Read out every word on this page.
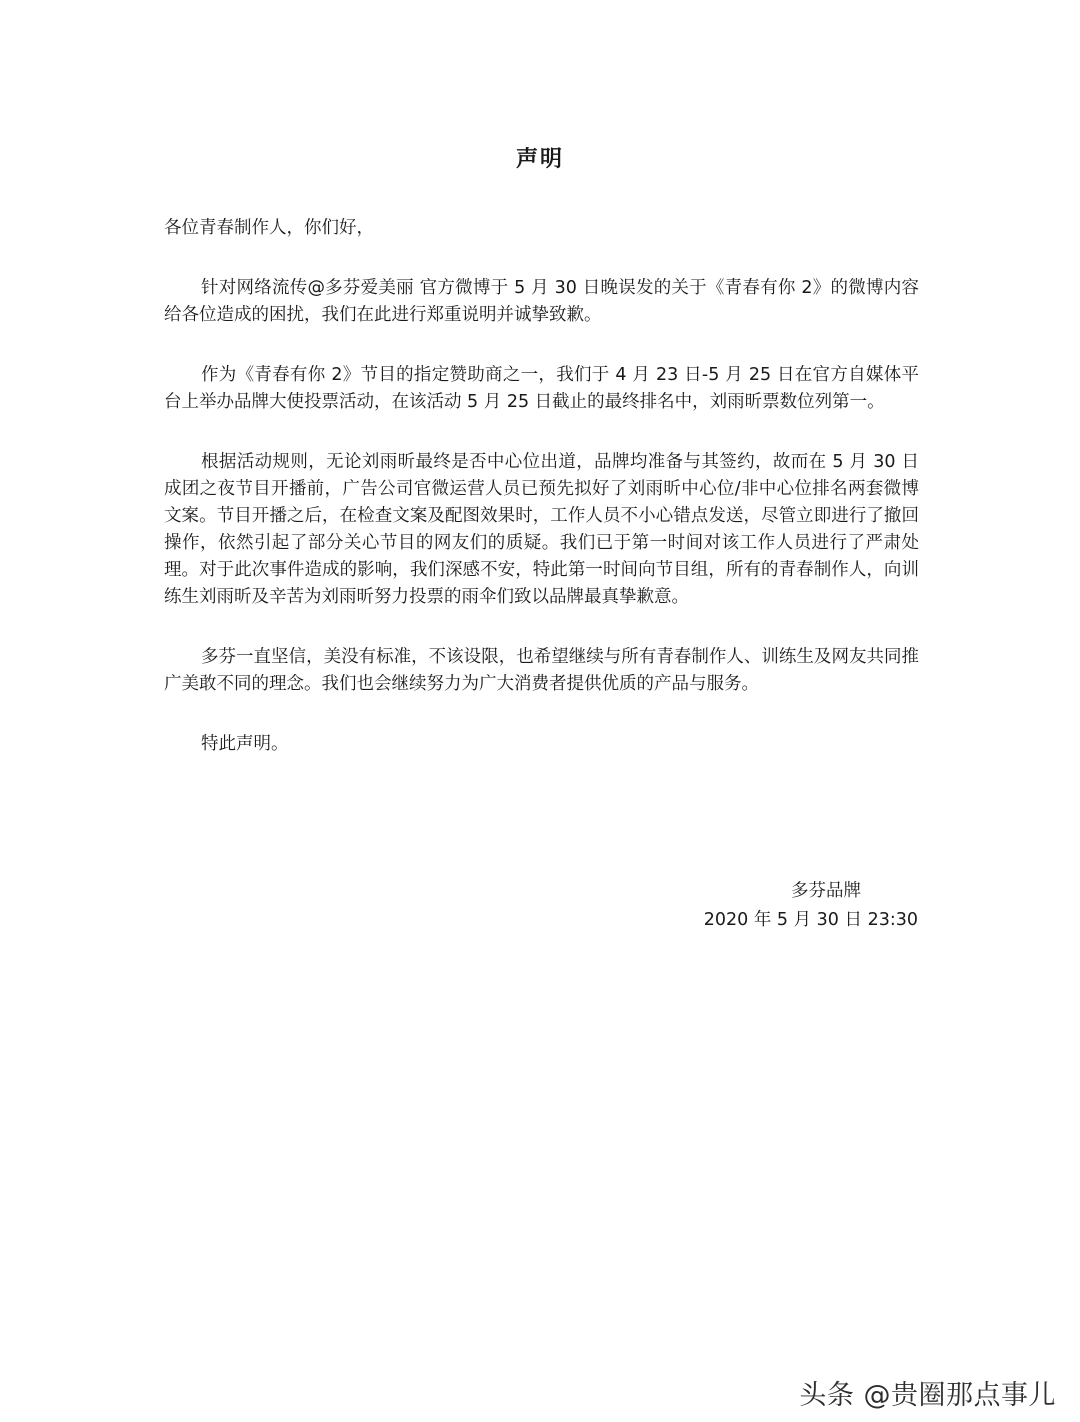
声明

各位青春制作人，你们好，

针对网络流传@多芬爱美丽 官方微博于 5 月 30 日晚误发的关于《青春有你 2》的微博内容给各位造成的困扰，我们在此进行郑重说明并诚挚致歉。

作为《青春有你 2》节目的指定赞助商之一，我们于 4 月 23 日-5 月 25 日在官方自媒体平台上举办品牌大使投票活动，在该活动 5 月 25 日截止的最终排名中，刘雨昕票数位列第一。

根据活动规则，无论刘雨昕最终是否中心位出道，品牌均准备与其签约，故而在 5 月 30 日成团之夜节目开播前，广告公司官微运营人员已预先拟好了刘雨昕中心位/非中心位排名两套微博文案。节目开播之后，在检查文案及配图效果时，工作人员不小心错点发送，尽管立即进行了撤回操作，依然引起了部分关心节目的网友们的质疑。我们已于第一时间对该工作人员进行了严肃处理。对于此次事件造成的影响，我们深感不安，特此第一时间向节目组，所有的青春制作人，向训练生刘雨昕及辛苦为刘雨昕努力投票的雨伞们致以品牌最真挚歉意。

多芬一直坚信，美没有标准，不该设限，也希望继续与所有青春制作人、训练生及网友共同推广美敢不同的理念。我们也会继续努力为广大消费者提供优质的产品与服务。

特此声明。

多芬品牌
2020 年 5 月 30 日 23:30
头条 @贵圈那点事儿
